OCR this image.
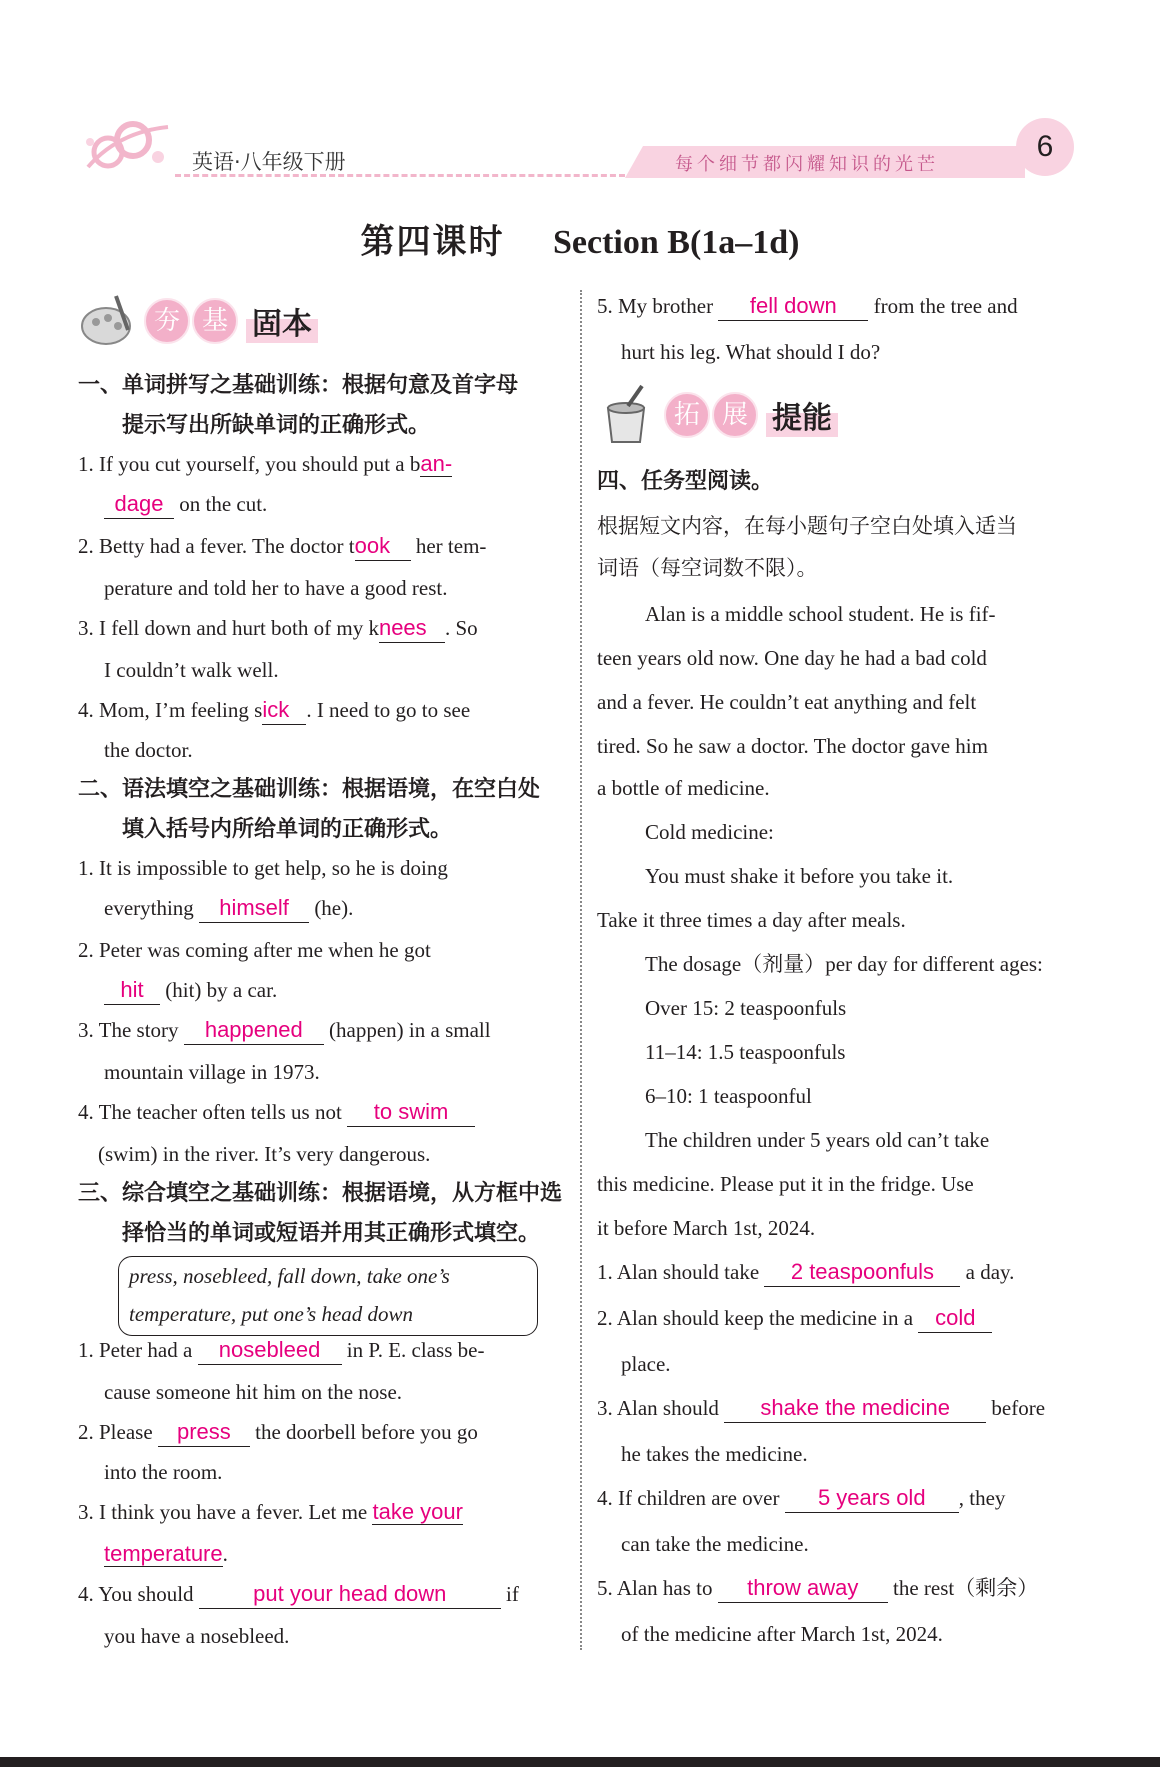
英语·八年级下册	每个细节都闪耀知识的光芒
6
第四课时 Section B(1a–1d)
夯 基 固本
一、单词拼写之基础训练：根据句意及首字母
提示写出所缺单词的正确形式。
1. If you cut yourself, you should put a ban-
dage on the cut.
2. Betty had a fever. The doctor took her tem-
perature and told her to have a good rest.
3. I fell down and hurt both of my knees . So
I couldn’t walk well.
4. Mom, I’m feeling sick . I need to go to see
the doctor.
二、语法填空之基础训练：根据语境，在空白处
填入括号内所给单词的正确形式。
1. It is impossible to get help, so he is doing
everything himself (he).
2. Peter was coming after me when he got
hit (hit) by a car.
3. The story happened (happen) in a small
mountain village in 1973.
4. The teacher often tells us not to swim
(swim) in the river. It’s very dangerous.
三、综合填空之基础训练：根据语境，从方框中选
择恰当的单词或短语并用其正确形式填空。
press, nosebleed, fall down, take one’s
temperature, put one’s head down
1. Peter had a nosebleed in P. E. class be-
cause someone hit him on the nose.
2. Please press the doorbell before you go
into the room.
3. I think you have a fever. Let me take your
temperature.
4. You should	put your head down	if
you have a nosebleed.
5. My brother fell down from the tree and
hurt his leg. What should I do?
拓 展 提能
四、任务型阅读。
根据短文内容，在每小题句子空白处填入适当
词语（每空词数不限）。
Alan is a middle school student. He is fif-
teen years old now. One day he had a bad cold
and a fever. He couldn’t eat anything and felt
tired. So he saw a doctor. The doctor gave him
a bottle of medicine.
Cold medicine:
You must shake it before you take it.
Take it three times a day after meals.
The dosage（剂量）per day for different ages:
Over 15: 2 teaspoonfuls
11–14: 1.5 teaspoonfuls
6–10: 1 teaspoonful
The children under 5 years old can’t take
this medicine. Please put it in the fridge. Use
it before March 1st, 2024.
1. Alan should take 2 teaspoonfuls a day.
2. Alan should keep the medicine in a cold
place.
3. Alan should shake the medicine before
he takes the medicine.
4. If children are over 5 years old , they
can take the medicine.
5. Alan has to throw away the rest（剩余）
of the medicine after March 1st, 2024.
